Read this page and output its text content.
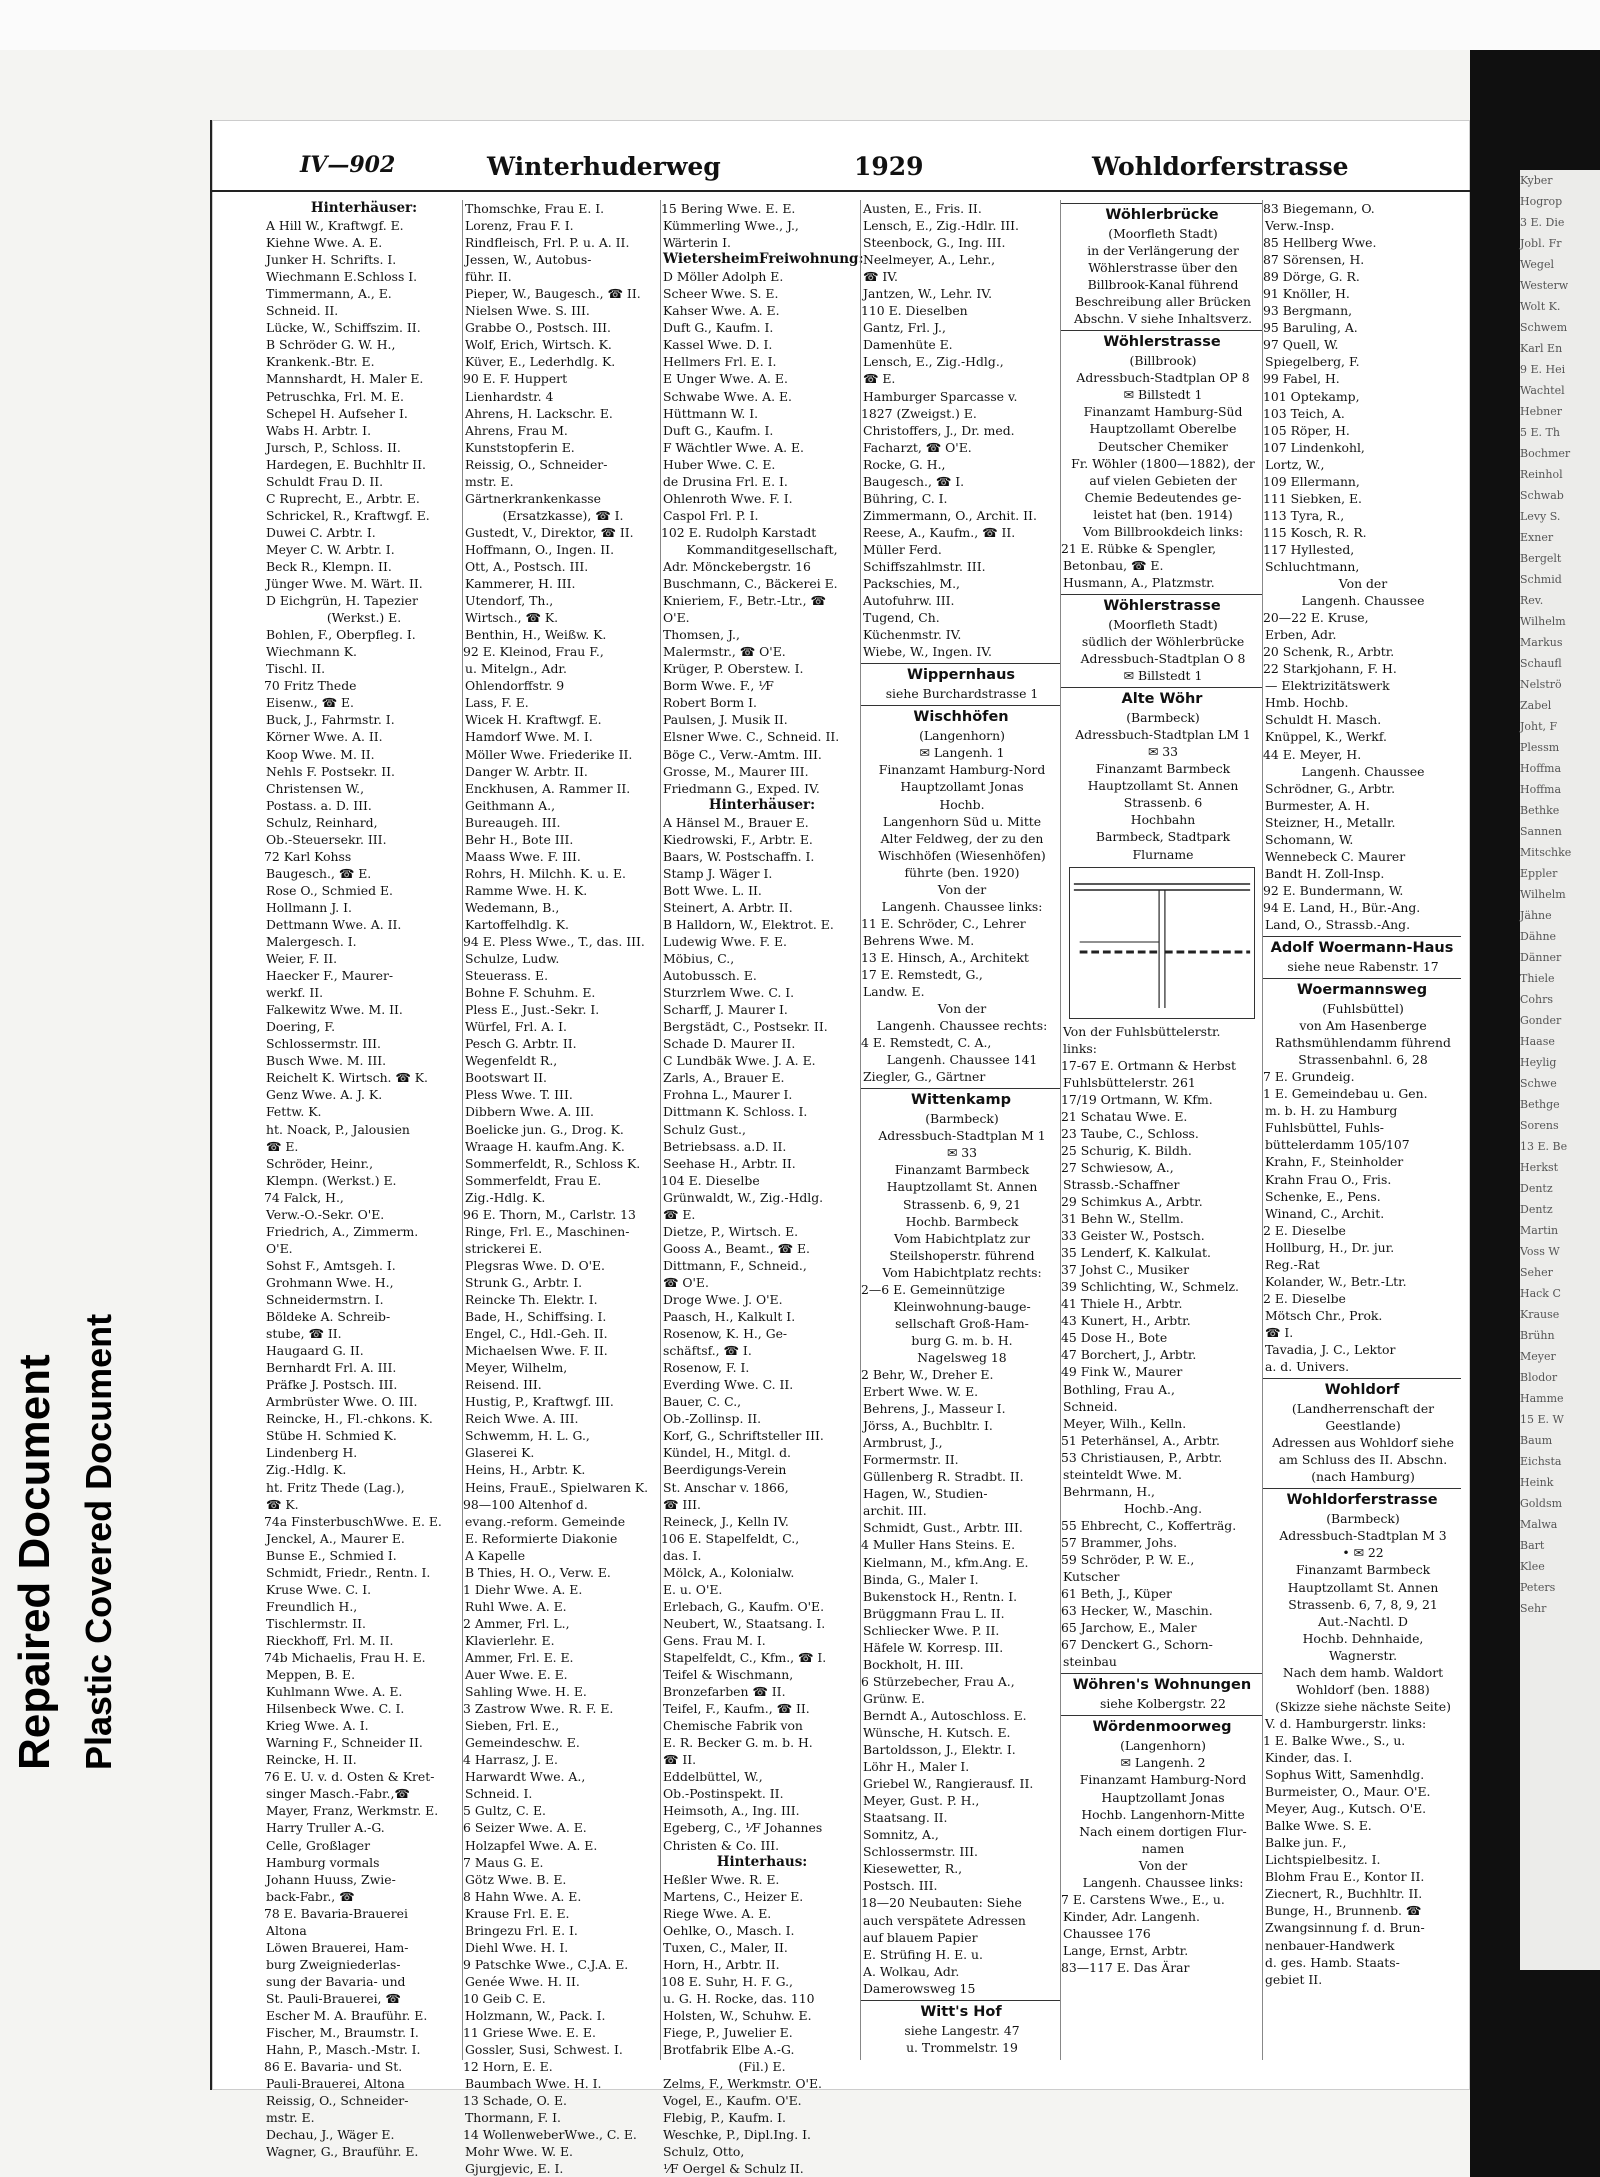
Kyber
Hogrop
3 E. Die
Jobl. Fr
Wegel
Westerw
Wolt K.
Schwem
Karl En
9 E. Hei
Wachtel
Hebner
5 E. Th
Bochmer
Reinhol
Schwab
Levy S.
Exner
Bergelt
Schmid
Rev.
Wilhelm
Markus
Schaufl
Nelströ
Zabel
Joht, F
Plessm
Hoffma
Hoffma
Bethke
Sannen
Mitschke
Eppler
Wilhelm
Jähne
Dähne
Dänner
Thiele
Cohrs
Gonder
Haase
Heylig
Schwe
Bethge
Sorens
13 E. Be
Herkst
Dentz
Dentz
Martin
Voss W
Seher
Hack C
Krause
Brühn
Meyer
Blodor
Hamme
15 E. W
Baum
Eichsta
Heink
Goldsm
Malwa
Bart
Klee
Peters
Sehr
Repaired Document Plastic Covered Document
IV—902	Winterhuderweg	1929	Wohldorferstrasse
Hinterhäuser:
A Hill W., Kraftwgf. E.
Kiehne Wwe. A. E.
Junker H. Schrifts. I.
Wiechmann E.Schloss I.
Timmermann, A., E.
Schneid. II.
Lücke, W., Schiffszim. II.
B Schröder G. W. H.,
Krankenk.-Btr. E.
Mannshardt, H. Maler E.
Petruschka, Frl. M. E.
Schepel H. Aufseher I.
Wabs H. Arbtr. I.
Jursch, P., Schloss. II.
Hardegen, E. Buchhltr II.
Schuldt Frau D. II.
C Ruprecht, E., Arbtr. E.
Schrickel, R., Kraftwgf. E.
Duwei C. Arbtr. I.
Meyer C. W. Arbtr. I.
Beck R., Klempn. II.
Jünger Wwe. M. Wärt. II.
D Eichgrün, H. Tapezier
(Werkst.) E.
Bohlen, F., Oberpfleg. I.
Wiechmann K.
Tischl. II.
70 Fritz Thede
Eisenw., ☎ E.
Buck, J., Fahrmstr. I.
Körner Wwe. A. II.
Koop Wwe. M. II.
Nehls F. Postsekr. II.
Christensen W.,
Postass. a. D. III.
Schulz, Reinhard,
Ob.-Steuersekr. III.
72 Karl Kohss
Baugesch., ☎ E.
Rose O., Schmied E.
Hollmann J. I.
Dettmann Wwe. A. II.
Malergesch. I.
Weier, F. II.
Haecker F., Maurer-
werkf. II.
Falkewitz Wwe. M. II.
Doering, F.
Schlossermstr. III.
Busch Wwe. M. III.
Reichelt K. Wirtsch. ☎ K.
Genz Wwe. A. J. K.
Fettw. K.
ht. Noack, P., Jalousien
☎ E.
Schröder, Heinr.,
Klempn. (Werkst.) E.
74 Falck, H.,
Verw.-O.-Sekr. O'E.
Friedrich, A., Zimmerm.
O'E.
Sohst F., Amtsgeh. I.
Grohmann Wwe. H.,
Schneidermstrn. I.
Böldeke A. Schreib-
stube, ☎ II.
Haugaard G. II.
Bernhardt Frl. A. III.
Präfke J. Postsch. III.
Armbrüster Wwe. O. III.
Reincke, H., Fl.-chkons. K.
Stübe H. Schmied K.
Lindenberg H.
Zig.-Hdlg. K.
ht. Fritz Thede (Lag.),
☎ K.
74a FinsterbuschWwe. E. E.
Jenckel, A., Maurer E.
Bunse E., Schmied I.
Schmidt, Friedr., Rentn. I.
Kruse Wwe. C. I.
Freundlich H.,
Tischlermstr. II.
Rieckhoff, Frl. M. II.
74b Michaelis, Frau H. E.
Meppen, B. E.
Kuhlmann Wwe. A. E.
Hilsenbeck Wwe. C. I.
Krieg Wwe. A. I.
Warning F., Schneider II.
Reincke, H. II.
76 E. U. v. d. Osten & Kret-
singer Masch.-Fabr.,☎
Mayer, Franz, Werkmstr. E.
Harry Truller A.-G.
Celle, Großlager
Hamburg vormals
Johann Huuss, Zwie-
back-Fabr., ☎
78 E. Bavaria-Brauerei
Altona
Löwen Brauerei, Ham-
burg Zweigniederlas-
sung der Bavaria- und
St. Pauli-Brauerei, ☎
Escher M. A. Brauführ. E.
Fischer, M., Braumstr. I.
Hahn, P., Masch.-Mstr. I.
86 E. Bavaria- und St.
Pauli-Brauerei, Altona
Reissig, O., Schneider-
mstr. E.
Dechau, J., Wäger E.
Wagner, G., Brauführ. E.
Thomschke, Frau E. I.
Lorenz, Frau F. I.
Rindfleisch, Frl. P. u. A. II.
Jessen, W., Autobus-
führ. II.
Pieper, W., Baugesch., ☎ II.
Nielsen Wwe. S. III.
Grabbe O., Postsch. III.
Wolf, Erich, Wirtsch. K.
Küver, E., Lederhdlg. K.
90 E. F. Huppert
Lienhardstr. 4
Ahrens, H. Lackschr. E.
Ahrens, Frau M.
Kunststopferin E.
Reissig, O., Schneider-
mstr. E.
Gärtnerkrankenkasse
(Ersatzkasse), ☎ I.
Gustedt, V., Direktor, ☎ II.
Hoffmann, O., Ingen. II.
Ott, A., Postsch. III.
Kammerer, H. III.
Utendorf, Th.,
Wirtsch., ☎ K.
Benthin, H., Weißw. K.
92 E. Kleinod, Frau F.,
u. Mitelgn., Adr.
Ohlendorffstr. 9
Lass, F. E.
Wicek H. Kraftwgf. E.
Hamdorf Wwe. M. I.
Möller Wwe. Friederike II.
Danger W. Arbtr. II.
Enckhusen, A. Rammer II.
Geithmann A.,
Bureaugeh. III.
Behr H., Bote III.
Maass Wwe. F. III.
Rohrs, H. Milchh. K. u. E.
Ramme Wwe. H. K.
Wedemann, B.,
Kartoffelhdlg. K.
94 E. Pless Wwe., T., das. III.
Schulze, Ludw.
Steuerass. E.
Bohne F. Schuhm. E.
Pless E., Just.-Sekr. I.
Würfel, Frl. A. I.
Pesch G. Arbtr. II.
Wegenfeldt R.,
Bootswart II.
Pless Wwe. T. III.
Dibbern Wwe. A. III.
Boelicke jun. G., Drog. K.
Wraage H. kaufm.Ang. K.
Sommerfeldt, R., Schloss K.
Sommerfeldt, Frau E.
Zig.-Hdlg. K.
96 E. Thorn, M., Carlstr. 13
Ringe, Frl. E., Maschinen-
strickerei E.
Plegsras Wwe. D. O'E.
Strunk G., Arbtr. I.
Reincke Th. Elektr. I.
Bade, H., Schiffsing. I.
Engel, C., Hdl.-Geh. II.
Michaelsen Wwe. F. II.
Meyer, Wilhelm,
Reisend. III.
Hustig, P., Kraftwgf. III.
Reich Wwe. A. III.
Schwemm, H. L. G.,
Glaserei K.
Heins, H., Arbtr. K.
Heins, FrauE., Spielwaren K.
98—100 Altenhof d.
evang.-reform. Gemeinde
E. Reformierte Diakonie
A Kapelle
B Thies, H. O., Verw. E.
1 Diehr Wwe. A. E.
Ruhl Wwe. A. E.
2 Ammer, Frl. L.,
Klavierlehr. E.
Ammer, Frl. E. E.
Auer Wwe. E. E.
Sahling Wwe. H. E.
3 Zastrow Wwe. R. F. E.
Sieben, Frl. E.,
Gemeindeschw. E.
4 Harrasz, J. E.
Harwardt Wwe. A.,
Schneid. I.
5 Gultz, C. E.
6 Seizer Wwe. A. E.
Holzapfel Wwe. A. E.
7 Maus G. E.
Götz Wwe. B. E.
8 Hahn Wwe. A. E.
Krause Frl. E. E.
Bringezu Frl. E. I.
Diehl Wwe. H. I.
9 Patschke Wwe., C.J.A. E.
Genée Wwe. H. II.
10 Geib C. E.
Holzmann, W., Pack. I.
11 Griese Wwe. E. E.
Gossler, Susi, Schwest. I.
12 Horn, E. E.
Baumbach Wwe. H. I.
13 Schade, O. E.
Thormann, F. I.
14 WollenweberWwe., C. E.
Mohr Wwe. W. E.
Gjurgjevic, E. I.
15 Bering Wwe. E. E.
Kümmerling Wwe., J.,
Wärterin I.
WietersheimFreiwohnung:
D Möller Adolph E.
Scheer Wwe. S. E.
Kahser Wwe. A. E.
Duft G., Kaufm. I.
Kassel Wwe. D. I.
Hellmers Frl. E. I.
E Unger Wwe. A. E.
Schwabe Wwe. A. E.
Hüttmann W. I.
Duft G., Kaufm. I.
F Wächtler Wwe. A. E.
Huber Wwe. C. E.
de Drusina Frl. E. I.
Ohlenroth Wwe. F. I.
Caspol Frl. P. I.
102 E. Rudolph Karstadt
Kommanditgesellschaft,
Adr. Mönckebergstr. 16
Buschmann, C., Bäckerei E.
Knieriem, F., Betr.-Ltr., ☎
O'E.
Thomsen, J.,
Malermstr., ☎ O'E.
Krüger, P. Oberstew. I.
Borm Wwe. F., ⅟F
Robert Borm I.
Paulsen, J. Musik II.
Elsner Wwe. C., Schneid. II.
Böge C., Verw.-Amtm. III.
Grosse, M., Maurer III.
Friedmann G., Exped. IV.
Hinterhäuser:
A Hänsel M., Brauer E.
Kiedrowski, F., Arbtr. E.
Baars, W. Postschaffn. I.
Stamp J. Wäger I.
Bott Wwe. L. II.
Steinert, A. Arbtr. II.
B Halldorn, W., Elektrot. E.
Ludewig Wwe. F. E.
Möbius, C.,
Autobussch. E.
Sturzrlem Wwe. C. I.
Scharff, J. Maurer I.
Bergstädt, C., Postsekr. II.
Schade D. Maurer II.
C Lundbäk Wwe. J. A. E.
Zarls, A., Brauer E.
Frohna L., Maurer I.
Dittmann K. Schloss. I.
Schulz Gust.,
Betriebsass. a.D. II.
Seehase H., Arbtr. II.
104 E. Dieselbe
Grünwaldt, W., Zig.-Hdlg.
☎ E.
Dietze, P., Wirtsch. E.
Gooss A., Beamt., ☎ E.
Dittmann, F., Schneid.,
☎ O'E.
Droge Wwe. J. O'E.
Paasch, H., Kalkult I.
Rosenow, K. H., Ge-
schäftsf., ☎ I.
Rosenow, F. I.
Everding Wwe. C. II.
Bauer, C. C.,
Ob.-Zollinsp. II.
Korf, G., Schriftsteller III.
Kündel, H., Mitgl. d.
Beerdigungs-Verein
St. Anschar v. 1866,
☎ III.
Reineck, J., Kelln IV.
106 E. Stapelfeldt, C.,
das. I.
Mölck, A., Kolonialw.
E. u. O'E.
Erlebach, G., Kaufm. O'E.
Neubert, W., Staatsang. I.
Gens. Frau M. I.
Stapelfeldt, C., Kfm., ☎ I.
Teifel & Wischmann,
Bronzefarben ☎ II.
Teifel, F., Kaufm., ☎ II.
Chemische Fabrik von
E. R. Becker G. m. b. H.
☎ II.
Eddelbüttel, W.,
Ob.-Postinspekt. II.
Heimsoth, A., Ing. III.
Egeberg, C., ⅟F Johannes
Christen & Co. III.
Hinterhaus:
Heßler Wwe. R. E.
Martens, C., Heizer E.
Riege Wwe. A. E.
Oehlke, O., Masch. I.
Tuxen, C., Maler, II.
Horn, H., Arbtr. II.
108 E. Suhr, H. F. G.,
u. G. H. Rocke, das. 110
Holsten, W., Schuhw. E.
Fiege, P., Juwelier E.
Brotfabrik Elbe A.-G.
(Fil.) E.
Zelms, F., Werkmstr. O'E.
Vogel, E., Kaufm. O'E.
Flebig, P., Kaufm. I.
Weschke, P., Dipl.Ing. I.
Schulz, Otto,
⅟F Oergel & Schulz II.
Austen, E., Fris. II.
Lensch, E., Zig.-Hdlr. III.
Steenbock, G., Ing. III.
Neelmeyer, A., Lehr.,
☎ IV.
Jantzen, W., Lehr. IV.
110 E. Dieselben
Gantz, Frl. J.,
Damenhüte E.
Lensch, E., Zig.-Hdlg.,
☎ E.
Hamburger Sparcasse v.
1827 (Zweigst.) E.
Christoffers, J., Dr. med.
Facharzt, ☎ O'E.
Rocke, G. H.,
Baugesch., ☎ I.
Bühring, C. I.
Zimmermann, O., Archit. II.
Reese, A., Kaufm., ☎ II.
Müller Ferd.
Schiffszahlmstr. III.
Packschies, M.,
Autofuhrw. III.
Tugend, Ch.
Küchenmstr. IV.
Wiebe, W., Ingen. IV.
Wippernhaus
siehe Burchardstrasse 1
Wischhöfen
(Langenhorn)
✉ Langenh. 1
Finanzamt Hamburg-Nord
Hauptzollamt Jonas
Hochb.
Langenhorn Süd u. Mitte
Alter Feldweg, der zu den
Wischhöfen (Wiesenhöfen)
führte (ben. 1920)
Von der
Langenh. Chaussee links:
11 E. Schröder, C., Lehrer
Behrens Wwe. M.
13 E. Hinsch, A., Architekt
17 E. Remstedt, G.,
Landw. E.
Von der
Langenh. Chaussee rechts:
4 E. Remstedt, C. A.,
Langenh. Chaussee 141
Ziegler, G., Gärtner
Wittenkamp
(Barmbeck)
Adressbuch-Stadtplan M 1
✉ 33
Finanzamt Barmbeck
Hauptzollamt St. Annen
Strassenb. 6, 9, 21
Hochb. Barmbeck
Vom Habichtplatz zur
Steilshoperstr. führend
Vom Habichtplatz rechts:
2—6 E. Gemeinnützige
Kleinwohnung-bauge-
sellschaft Groß-Ham-
burg G. m. b. H.
Nagelsweg 18
2 Behr, W., Dreher E.
Erbert Wwe. W. E.
Behrens, J., Masseur I.
Jörss, A., Buchbltr. I.
Armbrust, J.,
Formermstr. II.
Güllenberg R. Stradbt. II.
Hagen, W., Studien-
archit. III.
Schmidt, Gust., Arbtr. III.
4 Muller Hans Steins. E.
Kielmann, M., kfm.Ang. E.
Binda, G., Maler I.
Bukenstock H., Rentn. I.
Brüggmann Frau L. II.
Schliecker Wwe. P. II.
Häfele W. Korresp. III.
Bockholt, H. III.
6 Stürzebecher, Frau A.,
Grünw. E.
Berndt A., Autoschloss. E.
Wünsche, H. Kutsch. E.
Bartoldsson, J., Elektr. I.
Löhr H., Maler I.
Griebel W., Rangierausf. II.
Meyer, Gust. P. H.,
Staatsang. II.
Somnitz, A.,
Schlossermstr. III.
Kiesewetter, R.,
Postsch. III.
18—20 Neubauten: Siehe
auch verspätete Adressen
auf blauem Papier
E. Strüfing H. E. u.
A. Wolkau, Adr.
Damerowsweg 15
Witt's Hof
siehe Langestr. 47
u. Trommelstr. 19
Wöhlerbrücke
(Moorfleth Stadt)
in der Verlängerung der
Wöhlerstrasse über den
Billbrook-Kanal führend
Beschreibung aller Brücken
Abschn. V siehe Inhaltsverz.
Wöhlerstrasse
(Billbrook)
Adressbuch-Stadtplan OP 8
✉ Billstedt 1
Finanzamt Hamburg-Süd
Hauptzollamt Oberelbe
Deutscher Chemiker
Fr. Wöhler (1800—1882), der
auf vielen Gebieten der
Chemie Bedeutendes ge-
leistet hat (ben. 1914)
Vom Billbrookdeich links:
21 E. Rübke & Spengler,
Betonbau, ☎ E.
Husmann, A., Platzmstr.
Wöhlerstrasse
(Moorfleth Stadt)
südlich der Wöhlerbrücke
Adressbuch-Stadtplan O 8
✉ Billstedt 1
Alte Wöhr
(Barmbeck)
Adressbuch-Stadtplan LM 1
✉ 33
Finanzamt Barmbeck
Hauptzollamt St. Annen
Strassenb. 6
Hochbahn
Barmbeck, Stadtpark
Flurname
Von der Fuhlsbüttelerstr.
links:
17-67 E. Ortmann & Herbst
Fuhlsbüttelerstr. 261
17/19 Ortmann, W. Kfm.
21 Schatau Wwe. E.
23 Taube, C., Schloss.
25 Schurig, K. Bildh.
27 Schwiesow, A.,
Strassb.-Schaffner
29 Schimkus A., Arbtr.
31 Behn W., Stellm.
33 Geister W., Postsch.
35 Lenderf, K. Kalkulat.
37 Johst C., Musiker
39 Schlichting, W., Schmelz.
41 Thiele H., Arbtr.
43 Kunert, H., Arbtr.
45 Dose H., Bote
47 Borchert, J., Arbtr.
49 Fink W., Maurer
Bothling, Frau A.,
Schneid.
Meyer, Wilh., Kelln.
51 Peterhänsel, A., Arbtr.
53 Christiausen, P., Arbtr.
steinteldt Wwe. M.
Behrmann, H.,
Hochb.-Ang.
55 Ehbrecht, C., Kofferträg.
57 Brammer, Johs.
59 Schröder, P. W. E.,
Kutscher
61 Beth, J., Küper
63 Hecker, W., Maschin.
65 Jarchow, E., Maler
67 Denckert G., Schorn-
steinbau
Wöhren's Wohnungen
siehe Kolbergstr. 22
Wördenmoorweg
(Langenhorn)
✉ Langenh. 2
Finanzamt Hamburg-Nord
Hauptzollamt Jonas
Hochb. Langenhorn-Mitte
Nach einem dortigen Flur-
namen
Von der
Langenh. Chaussee links:
7 E. Carstens Wwe., E., u.
Kinder, Adr. Langenh.
Chaussee 176
Lange, Ernst, Arbtr.
83—117 E. Das Ärar
83 Biegemann, O.
Verw.-Insp.
85 Hellberg Wwe.
87 Sörensen, H.
89 Dörge, G. R.
91 Knöller, H.
93 Bergmann,
95 Baruling, A.
97 Quell, W.
Spiegelberg, F.
99 Fabel, H.
101 Optekamp,
103 Teich, A.
105 Röper, H.
107 Lindenkohl,
Lortz, W.,
109 Ellermann,
111 Siebken, E.
113 Tyra, R.,
115 Kosch, R. R.
117 Hyllested,
Schluchtmann,
Von der
Langenh. Chaussee
20—22 E. Kruse,
Erben, Adr.
20 Schenk, R., Arbtr.
22 Starkjohann, F. H.
— Elektrizitätswerk
Hmb. Hochb.
Schuldt H. Masch.
Knüppel, K., Werkf.
44 E. Meyer, H.
Langenh. Chaussee
Schrödner, G., Arbtr.
Burmester, A. H.
Steizner, H., Metallr.
Schomann, W.
Wennebeck C. Maurer
Bandt H. Zoll-Insp.
92 E. Bundermann, W.
94 E. Land, H., Bür.-Ang.
Land, O., Strassb.-Ang.
Adolf Woermann-Haus
siehe neue Rabenstr. 17
Woermannsweg
(Fuhlsbüttel)
von Am Hasenberge
Rathsmühlendamm führend
Strassenbahnl. 6, 28
7 E. Grundeig.
1 E. Gemeindebau u. Gen.
m. b. H. zu Hamburg
Fuhlsbüttel, Fuhls-
büttelerdamm 105/107
Krahn, F., Steinholder
Krahn Frau O., Fris.
Schenke, E., Pens.
Winand, C., Archit.
2 E. Dieselbe
Hollburg, H., Dr. jur.
Reg.-Rat
Kolander, W., Betr.-Ltr.
2 E. Dieselbe
Mötsch Chr., Prok.
☎ I.
Tavadia, J. C., Lektor
a. d. Univers.
Wohldorf
(Landherrenschaft der
Geestlande)
Adressen aus Wohldorf siehe
am Schluss des II. Abschn.
(nach Hamburg)
Wohldorferstrasse
(Barmbeck)
Adressbuch-Stadtplan M 3
• ✉ 22
Finanzamt Barmbeck
Hauptzollamt St. Annen
Strassenb. 6, 7, 8, 9, 21
Aut.-Nachtl. D
Hochb. Dehnhaide,
Wagnerstr.
Nach dem hamb. Waldort
Wohldorf (ben. 1888)
(Skizze siehe nächste Seite)
V. d. Hamburgerstr. links:
1 E. Balke Wwe., S., u.
Kinder, das. I.
Sophus Witt, Samenhdlg.
Burmeister, O., Maur. O'E.
Meyer, Aug., Kutsch. O'E.
Balke Wwe. S. E.
Balke jun. F.,
Lichtspielbesitz. I.
Blohm Frau E., Kontor II.
Ziecnert, R., Buchhltr. II.
Bunge, H., Brunnenb. ☎
Zwangsinnung f. d. Brun-
nenbauer-Handwerk
d. ges. Hamb. Staats-
gebiet II.
